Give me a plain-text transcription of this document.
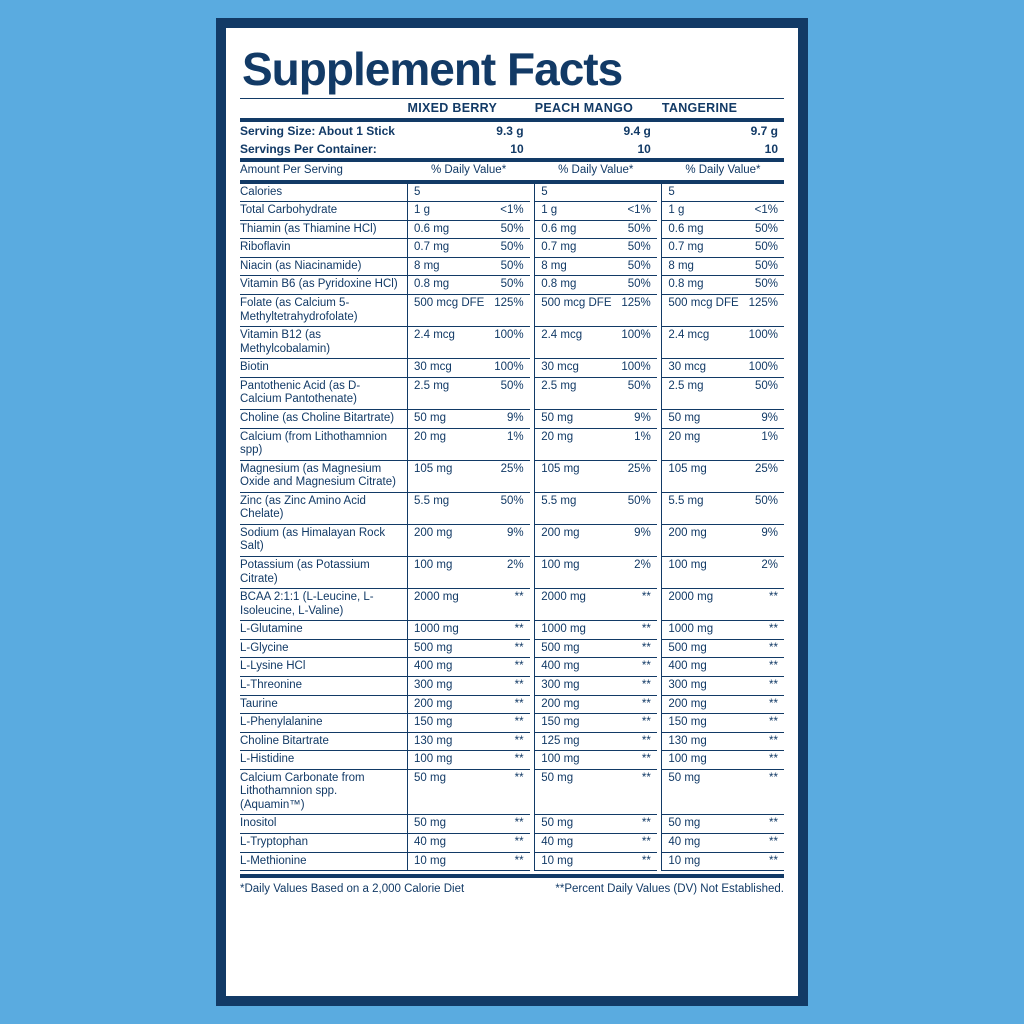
Supplement Facts
	MIXED BERRY			PEACH MANGO			TANGERINE	

Serving Size: About 1 Stick	9.3 g			9.4 g			9.7 g	
Servings Per Container:	10			10			10	

Amount Per Serving	% Daily Value*			% Daily Value*			% Daily Value*	

Calories	5			5			5	
Total Carbohydrate	1 g	<1%		1 g	<1%		1 g	<1%
Thiamin (as Thiamine HCl)	0.6 mg	50%		0.6 mg	50%		0.6 mg	50%
Riboflavin	0.7 mg	50%		0.7 mg	50%		0.7 mg	50%
Niacin (as Niacinamide)	8 mg	50%		8 mg	50%		8 mg	50%
Vitamin B6 (as Pyridoxine HCl)	0.8 mg	50%		0.8 mg	50%		0.8 mg	50%
Folate (as Calcium 5-Methyltetrahydrofolate)	500 mcg DFE	125%		500 mcg DFE	125%		500 mcg DFE	125%
Vitamin B12 (as Methylcobalamin)	2.4 mcg	100%		2.4 mcg	100%		2.4 mcg	100%
Biotin	30 mcg	100%		30 mcg	100%		30 mcg	100%
Pantothenic Acid (as D-Calcium Pantothenate)	2.5 mg	50%		2.5 mg	50%		2.5 mg	50%
Choline (as Choline Bitartrate)	50 mg	9%		50 mg	9%		50 mg	9%
Calcium (from Lithothamnion spp)	20 mg	1%		20 mg	1%		20 mg	1%
Magnesium (as Magnesium Oxide and Magnesium Citrate)	105 mg	25%		105 mg	25%		105 mg	25%
Zinc (as Zinc Amino Acid Chelate)	5.5 mg	50%		5.5 mg	50%		5.5 mg	50%
Sodium (as Himalayan Rock Salt)	200 mg	9%		200 mg	9%		200 mg	9%
Potassium (as Potassium Citrate)	100 mg	2%		100 mg	2%		100 mg	2%
BCAA 2:1:1 (L-Leucine, L-Isoleucine, L-Valine)	2000 mg	**		2000 mg	**		2000 mg	**
L-Glutamine	1000 mg	**		1000 mg	**		1000 mg	**
L-Glycine	500 mg	**		500 mg	**		500 mg	**
L-Lysine HCl	400 mg	**		400 mg	**		400 mg	**
L-Threonine	300 mg	**		300 mg	**		300 mg	**
Taurine	200 mg	**		200 mg	**		200 mg	**
L-Phenylalanine	150 mg	**		150 mg	**		150 mg	**
Choline Bitartrate	130 mg	**		125 mg	**		130 mg	**
L-Histidine	100 mg	**		100 mg	**		100 mg	**
Calcium Carbonate from Lithothamnion spp. (Aquamin™)	50 mg	**		50 mg	**		50 mg	**
Inositol	50 mg	**		50 mg	**		50 mg	**
L-Tryptophan	40 mg	**		40 mg	**		40 mg	**
L-Methionine	10 mg	**		10 mg	**		10 mg	**
*Daily Values Based on a 2,000 Calorie Diet	**Percent Daily Values (DV) Not Established.
